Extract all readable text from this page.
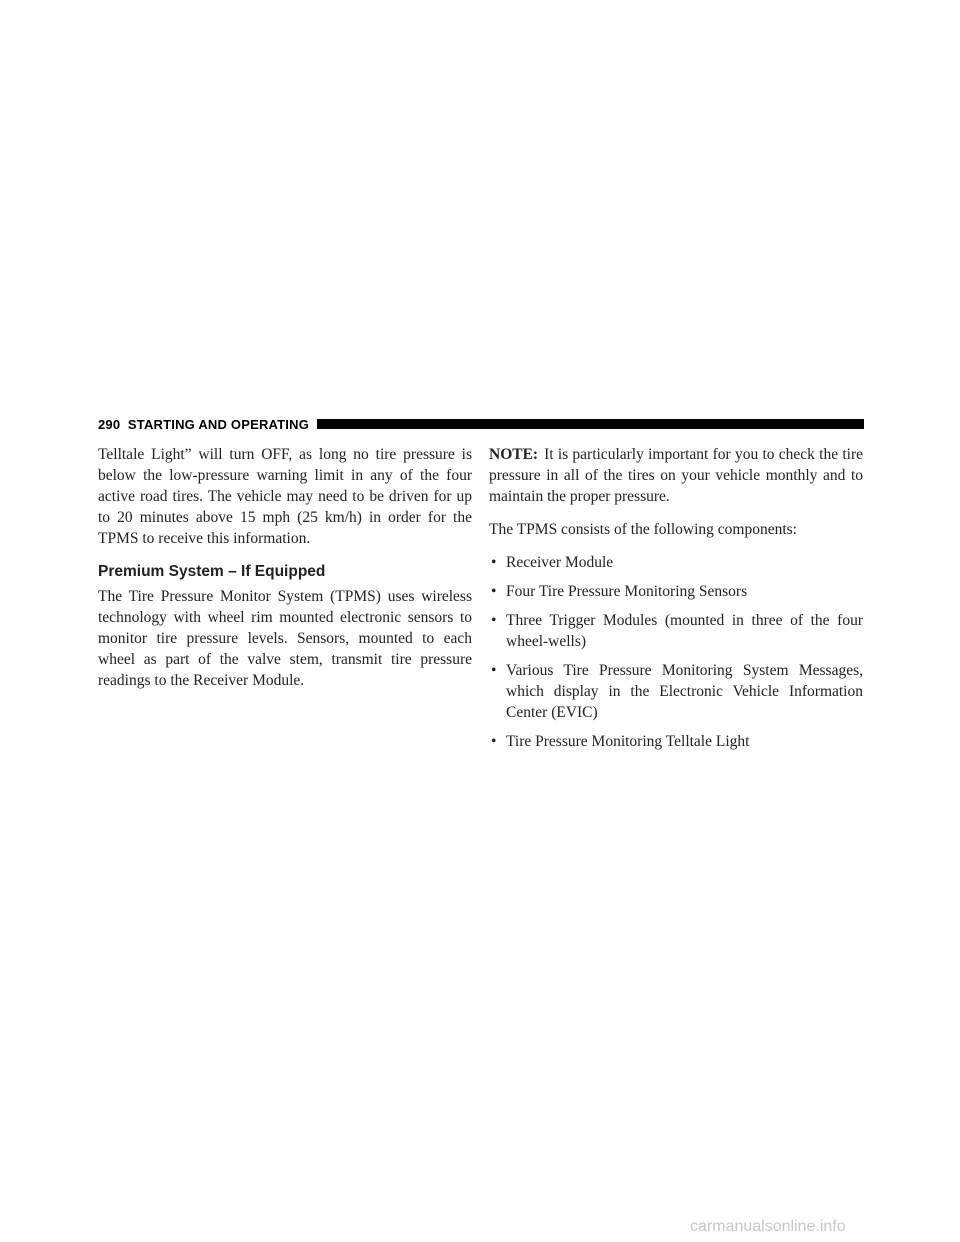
290 STARTING AND OPERATING

Telltale Light” will turn OFF, as long no tire pressure is below the low-pressure warning limit in any of the four active road tires. The vehicle may need to be driven for up to 20 minutes above 15 mph (25 km/h) in order for the TPMS to receive this information.

Premium System – If Equipped

The Tire Pressure Monitor System (TPMS) uses wireless technology with wheel rim mounted electronic sensors to monitor tire pressure levels. Sensors, mounted to each wheel as part of the valve stem, transmit tire pressure readings to the Receiver Module.

NOTE: It is particularly important for you to check the tire pressure in all of the tires on your vehicle monthly and to maintain the proper pressure.

The TPMS consists of the following components:

• Receiver Module
• Four Tire Pressure Monitoring Sensors
• Three Trigger Modules (mounted in three of the four wheel-wells)
• Various Tire Pressure Monitoring System Messages, which display in the Electronic Vehicle Information Center (EVIC)
• Tire Pressure Monitoring Telltale Light
carmanualsonline.info
